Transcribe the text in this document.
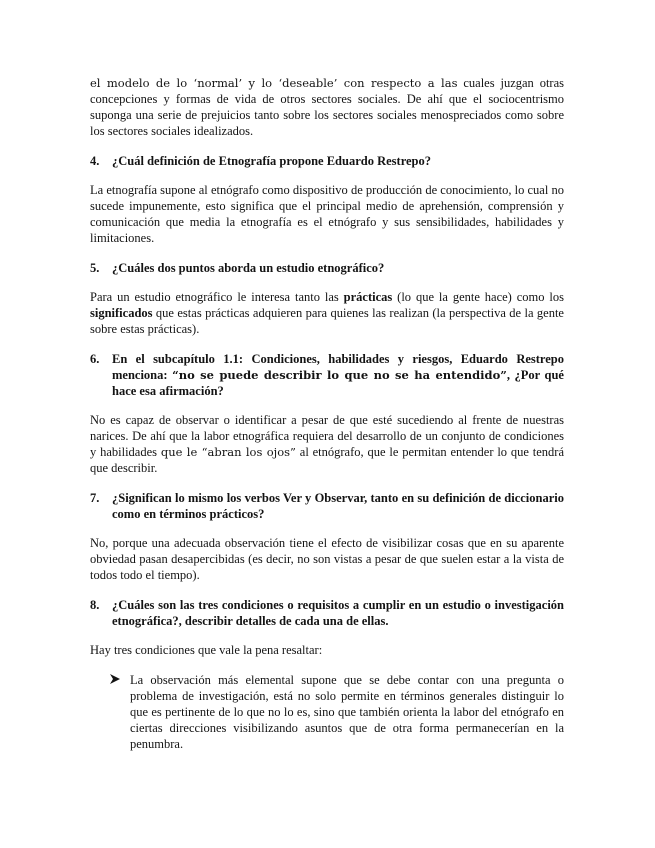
el modelo de lo ‘normal’ y lo ‘deseable’ con respecto a las cuales juzgan otras concepciones y formas de vida de otros sectores sociales. De ahí que el sociocentrismo suponga una serie de prejuicios tanto sobre los sectores sociales menospreciados como sobre los sectores sociales idealizados.

4.	¿Cuál definición de Etnografía propone Eduardo Restrepo?

La etnografía supone al etnógrafo como dispositivo de producción de conocimiento, lo cual no sucede impunemente, esto significa que el principal medio de aprehensión, comprensión y comunicación que media la etnografía es el etnógrafo y sus sensibilidades, habilidades y limitaciones.

5.	¿Cuáles dos puntos aborda un estudio etnográfico?

Para un estudio etnográfico le interesa tanto las prácticas (lo que la gente hace) como los significados que estas prácticas adquieren para quienes las realizan (la perspectiva de la gente sobre estas prácticas).

6.	En el subcapítulo 1.1: Condiciones, habilidades y riesgos, Eduardo Restrepo menciona: “no se puede describir lo que no se ha entendido”, ¿Por qué hace esa afirmación?

No es capaz de observar o identificar a pesar de que esté sucediendo al frente de nuestras narices. De ahí que la labor etnográfica requiera del desarrollo de un conjunto de condiciones y habilidades que le “abran los ojos” al etnógrafo, que le permitan entender lo que tendrá que describir.

7.	¿Significan lo mismo los verbos Ver y Observar, tanto en su definición de diccionario como en términos prácticos?

No, porque una adecuada observación tiene el efecto de visibilizar cosas que en su aparente obviedad pasan desapercibidas (es decir, no son vistas a pesar de que suelen estar a la vista de todos todo el tiempo).

8.	¿Cuáles son las tres condiciones o requisitos a cumplir en un estudio o investigación etnográfica?, describir detalles de cada una de ellas.

Hay tres condiciones que vale la pena resaltar:

La observación más elemental supone que se debe contar con una pregunta o problema de investigación, está no solo permite en términos generales distinguir lo que es pertinente de lo que no lo es, sino que también orienta la labor del etnógrafo en ciertas direcciones visibilizando asuntos que de otra forma permanecerían en la penumbra.
